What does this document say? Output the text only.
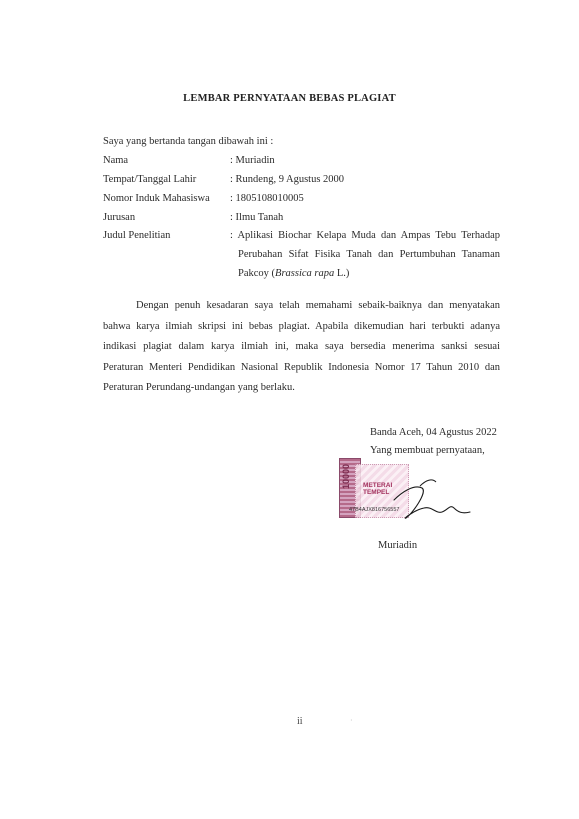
LEMBAR PERNYATAAN BEBAS PLAGIAT
Saya yang bertanda tangan dibawah ini :
Nama	: Muriadin
Tempat/Tanggal Lahir	: Rundeng, 9 Agustus 2000
Nomor Induk Mahasiswa : 1805108010005
Jurusan	: Ilmu Tanah
Judul Penelitian	: Aplikasi Biochar Kelapa Muda dan Ampas Tebu Terhadap
Perubahan Sifat Fisika Tanah dan Pertumbuhan Tanaman
Pakcoy (Brassica rapa L.)
Dengan penuh kesadaran saya telah memahami sebaik-baiknya dan menyatakan
bahwa karya ilmiah skripsi ini bebas plagiat. Apabila dikemudian hari terbukti adanya
indikasi plagiat dalam karya ilmiah ini, maka saya bersedia menerima sanksi sesuai
Peraturan Menteri Pendidikan Nasional Republik Indonesia Nomor 17 Tahun 2010 dan
Peraturan Perundang-undangan yang berlaku.
Banda Aceh, 04 Agustus 2022
Yang membuat pernyataan,
10000 METERAI
TEMPEL
47B4AJX816756557
Muriadin
ii	·
